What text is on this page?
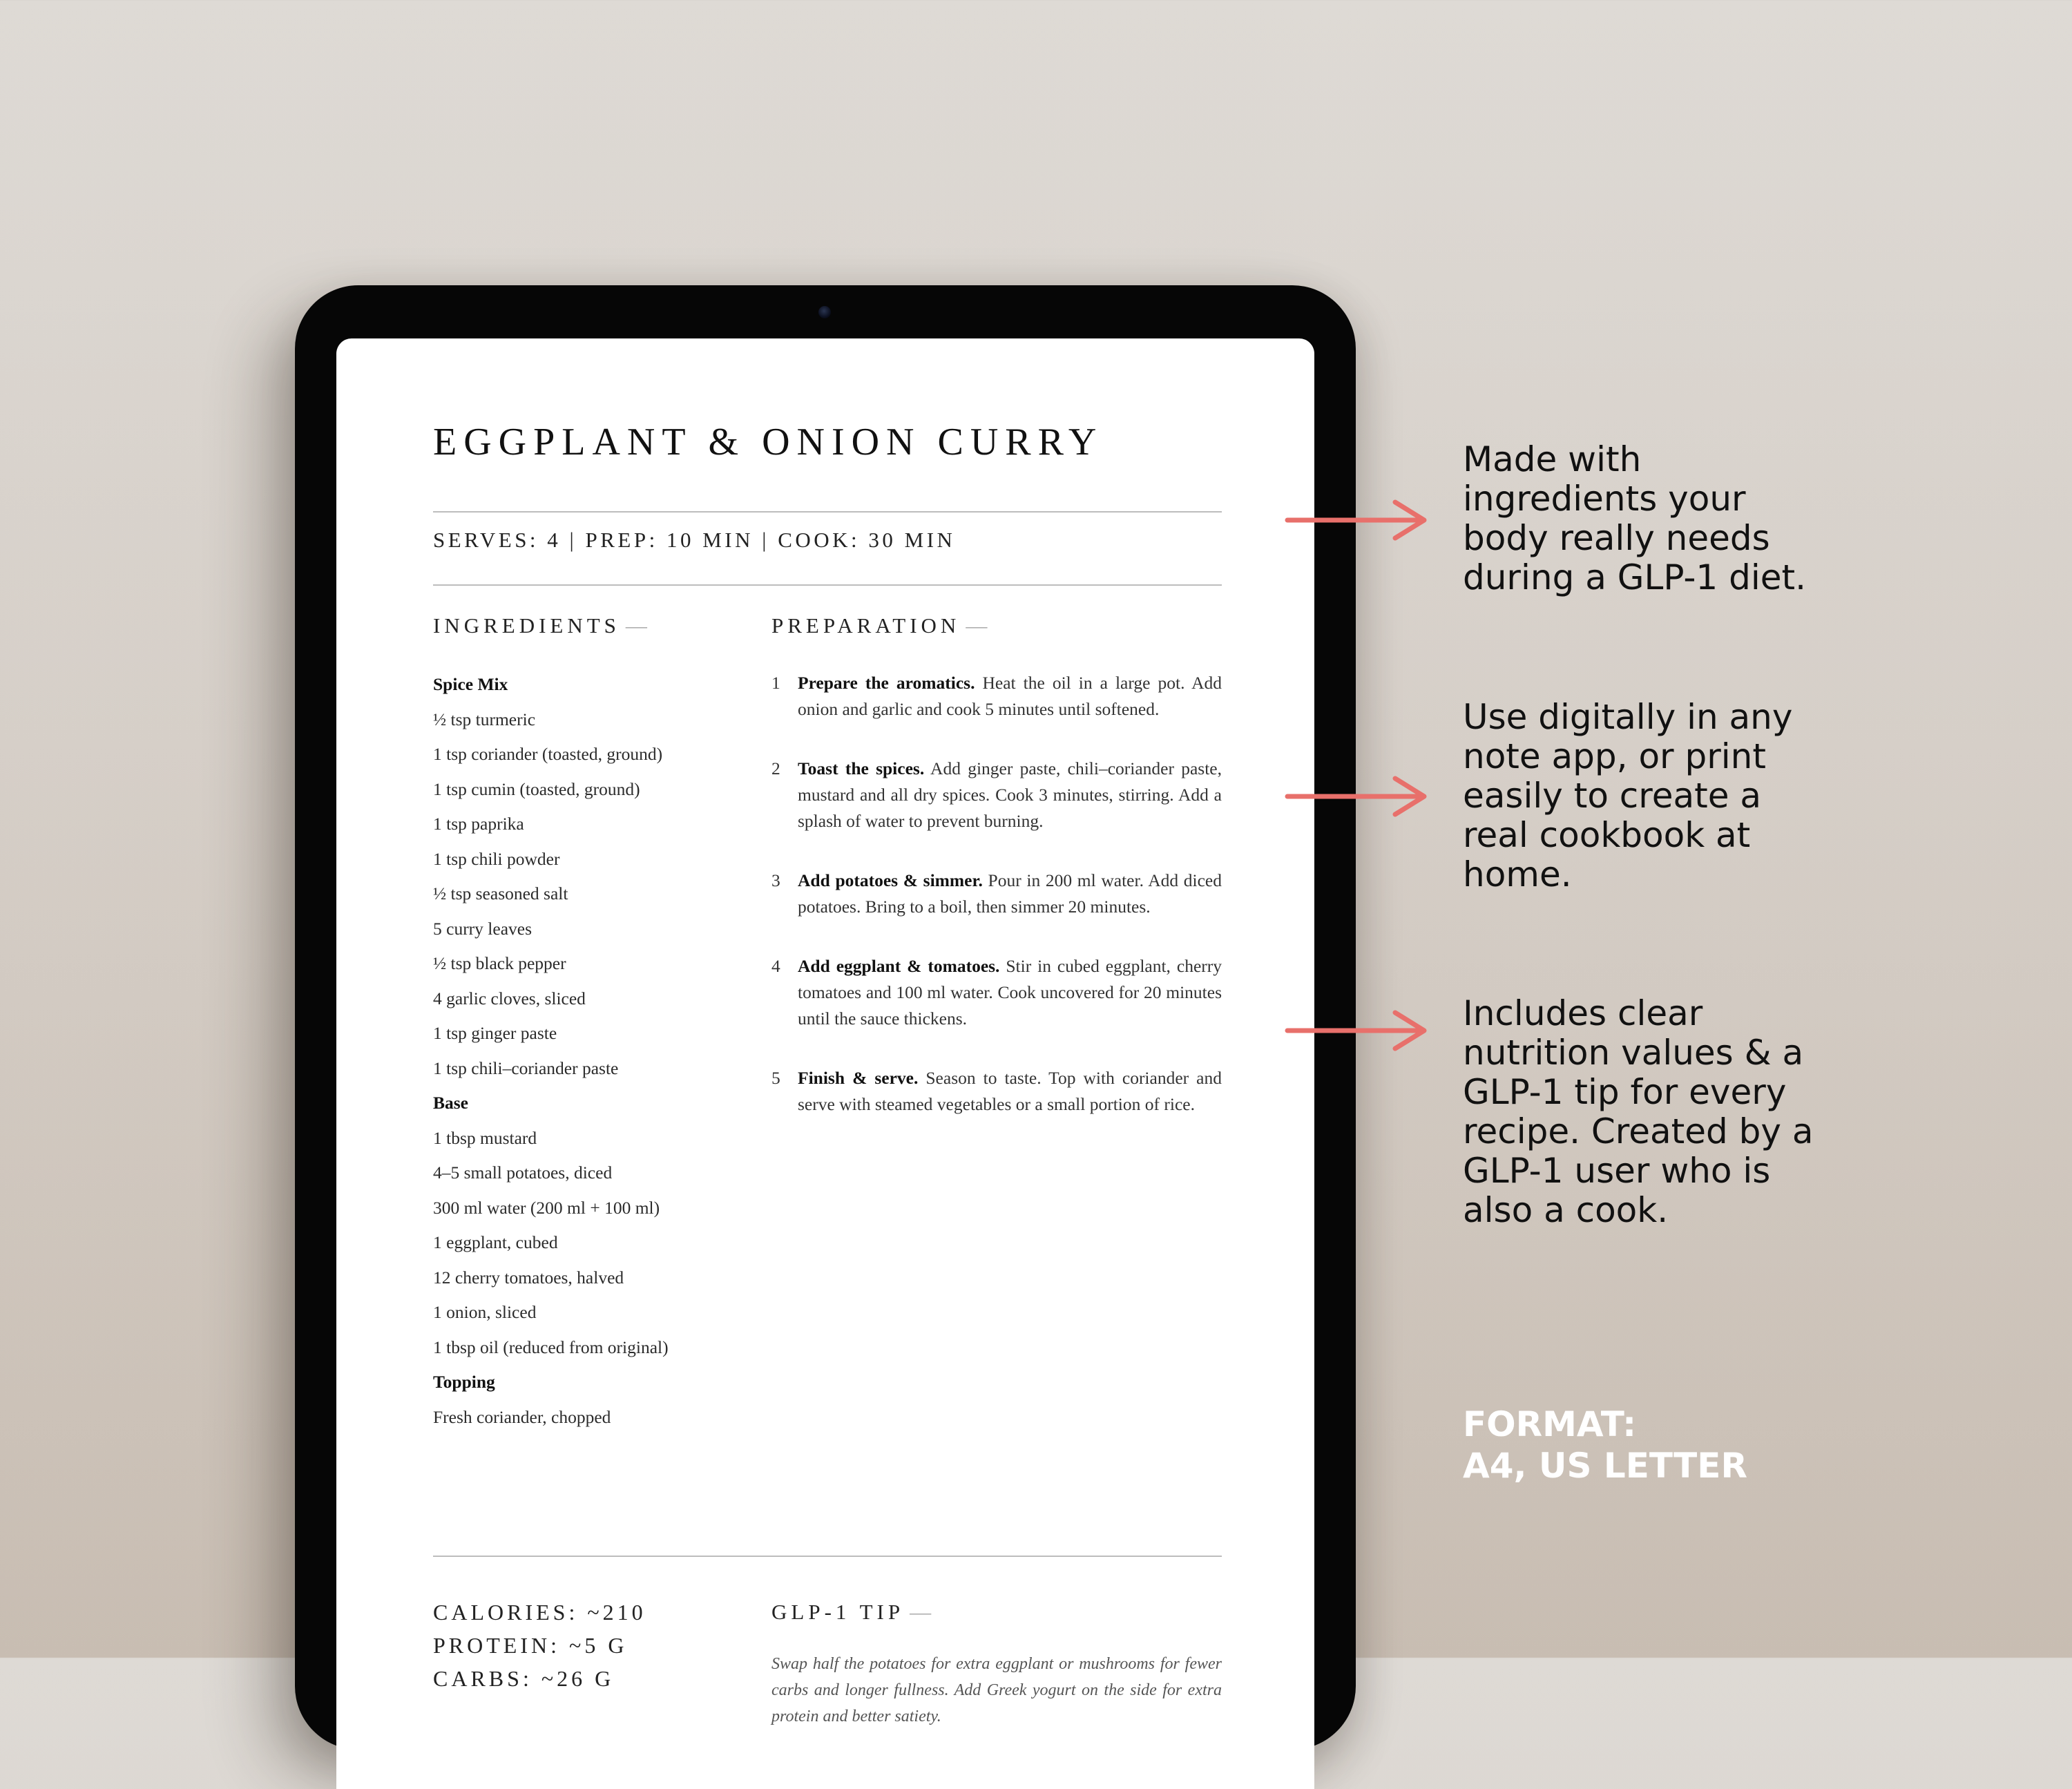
EGGPLANT & ONION CURRY
SERVES: 4 | PREP: 10 MIN | COOK: 30 MIN
INGREDIENTS —	PREPARATION —
Spice Mix
½ tsp turmeric
1 tsp coriander (toasted, ground)
1 tsp cumin (toasted, ground)
1 tsp paprika
1 tsp chili powder
½ tsp seasoned salt
5 curry leaves
½ tsp black pepper
4 garlic cloves, sliced
1 tsp ginger paste
1 tsp chili–coriander paste
Base
1 tbsp mustard
4–5 small potatoes, diced
300 ml water (200 ml + 100 ml)
1 eggplant, cubed
12 cherry tomatoes, halved
1 onion, sliced
1 tbsp oil (reduced from original)
Topping
Fresh coriander, chopped
1 Prepare the aromatics. Heat the oil in a large pot. Add onion and garlic and cook 5 minutes until softened.
2 Toast the spices. Add ginger paste, chili–coriander paste, mustard and all dry spices. Cook 3 minutes, stirring. Add a splash of water to prevent burning.
3 Add potatoes & simmer. Pour in 200 ml water. Add diced potatoes. Bring to a boil, then simmer 20 minutes.
4 Add eggplant & tomatoes. Stir in cubed eggplant, cherry tomatoes and 100 ml water. Cook uncovered for 20 minutes until the sauce thickens.
5 Finish & serve. Season to taste. Top with coriander and serve with steamed vegetables or a small portion of rice.
CALORIES: ~210
PROTEIN: ~5 G
CARBS: ~26 G
GLP-1 TIP —
Swap half the potatoes for extra eggplant or mushrooms for fewer carbs and longer fullness. Add Greek yogurt on the side for extra protein and better satiety.
Made with
ingredients your
body really needs
during a GLP-1 diet.
Use digitally in any
note app, or print
easily to create a
real cookbook at
home.
Includes clear
nutrition values & a
GLP-1 tip for every
recipe. Created by a
GLP-1 user who is
also a cook.
FORMAT:
A4, US LETTER
